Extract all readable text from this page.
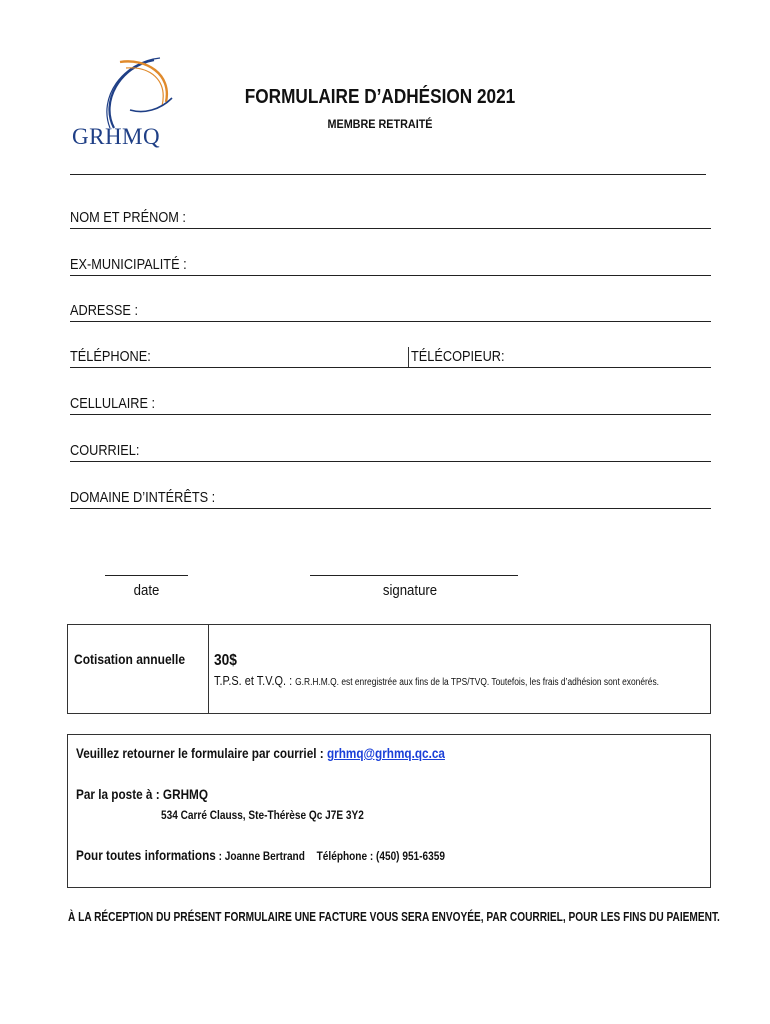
GRHMQ
FORMULAIRE D’ADHÉSION 2021
MEMBRE RETRAITÉ
NOM ET PRÉNOM :
EX-MUNICIPALITÉ :
ADRESSE :
TÉLÉPHONE:	TÉLÉCOPIEUR:
CELLULAIRE :
COURRIEL:
DOMAINE D’INTÉRÊTS :
date	signature
Cotisation annuelle 30$
T.P.S. et T.V.Q. : G.R.H.M.Q. est enregistrée aux fins de la TPS/TVQ. Toutefois, les frais d’adhésion sont exonérés.
Veuillez retourner le formulaire par courriel : grhmq@grhmq.qc.ca
Par la poste à : GRHMQ
534 Carré Clauss, Ste-Thérèse Qc J7E 3Y2
Pour toutes informations : Joanne Bertrand Téléphone : (450) 951-6359
À LA RÉCEPTION DU PRÉSENT FORMULAIRE UNE FACTURE VOUS SERA ENVOYÉE, PAR COURRIEL, POUR LES FINS DU PAIEMENT.
